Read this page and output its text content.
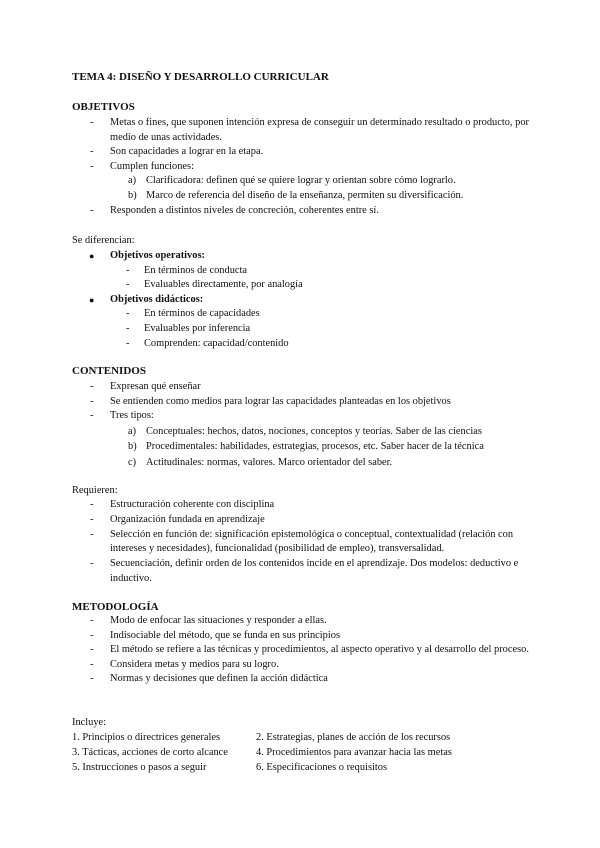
TEMA 4: DISEÑO Y DESARROLLO CURRICULAR
OBJETIVOS
- Metas o fines, que suponen intención expresa de conseguir un determinado resultado o producto, por medio de unas actividades.
- Son capacidades a lograr en la etapa.
- Cumplen funciones:
a) Clarificadora: definen qué se quiere lograr y orientan sobre cómo lograrlo.
b) Marco de referencia del diseño de la enseñanza, permiten su diversificación.
- Responden a distintos niveles de concreción, coherentes entre sí.
Se diferencian:
● Objetivos operativos:
- En términos de conducta
- Evaluables directamente, por analogía
● Objetivos didácticos:
- En términos de capacidades
- Evaluables por inferencia
- Comprenden: capacidad/contenido
CONTENIDOS
- Expresan qué enseñar
- Se entienden como medios para lograr las capacidades planteadas en los objetivos
- Tres tipos:
a) Conceptuales: hechos, datos, nociones, conceptos y teorías. Saber de las ciencias
b) Procedimentales: habilidades, estrategias, procesos, etc. Saber hacer de la técnica
c) Actitudinales: normas, valores. Marco orientador del saber.
Requieren:
- Estructuración coherente con disciplina
- Organización fundada en aprendizaje
- Selección en función de: significación epistemológica o conceptual, contextualidad (relación con intereses y necesidades), funcionalidad (posibilidad de empleo), transversalidad.
- Secuenciación, definir orden de los contenidos incide en el aprendizaje. Dos modelos: deductivo e inductivo.
METODOLOGÍA
- Modo de enfocar las situaciones y responder a ellas.
- Indisociable del método, que se funda en sus principios
- El método se refiere a las técnicas y procedimientos, al aspecto operativo y al desarrollo del proceso.
- Considera metas y medios para su logro.
- Normas y decisiones que definen la acción didáctica
Incluye:
1. Principios o directrices generales	2. Estrategias, planes de acción de los recursos
3. Tácticas, acciones de corto alcance	4. Procedimientos para avanzar hacia las metas
5. Instrucciones o pasos a seguir	6. Especificaciones o requisitos
